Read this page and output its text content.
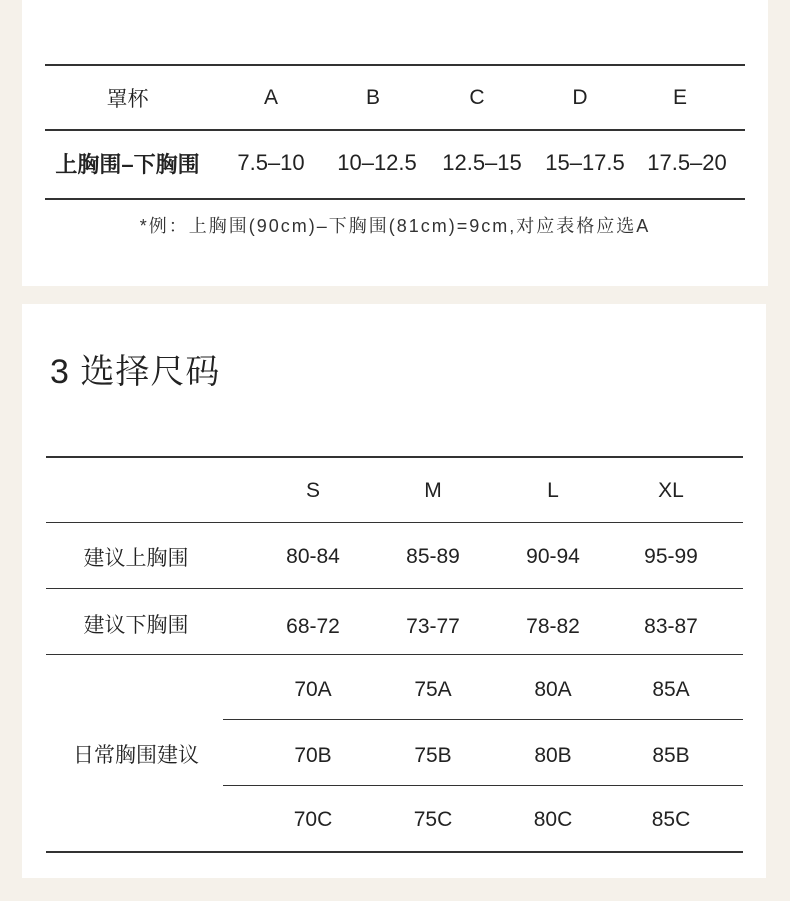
罩杯	A	B	C	D	E
上胸围–下胸围	7.5–10	10–12.5	12.5–15	15–17.5	17.5–20
*例：上胸围(90cm)–下胸围(81cm)=9cm,对应表格应选A
3 选择尺码
S	M	L	XL
建议上胸围	80-84	85-89	90-94	95-99
建议下胸围	68-72	73-77	78-82	83-87
日常胸围建议
70A	75A	80A	85A
70B	75B	80B	85B
70C	75C	80C	85C
